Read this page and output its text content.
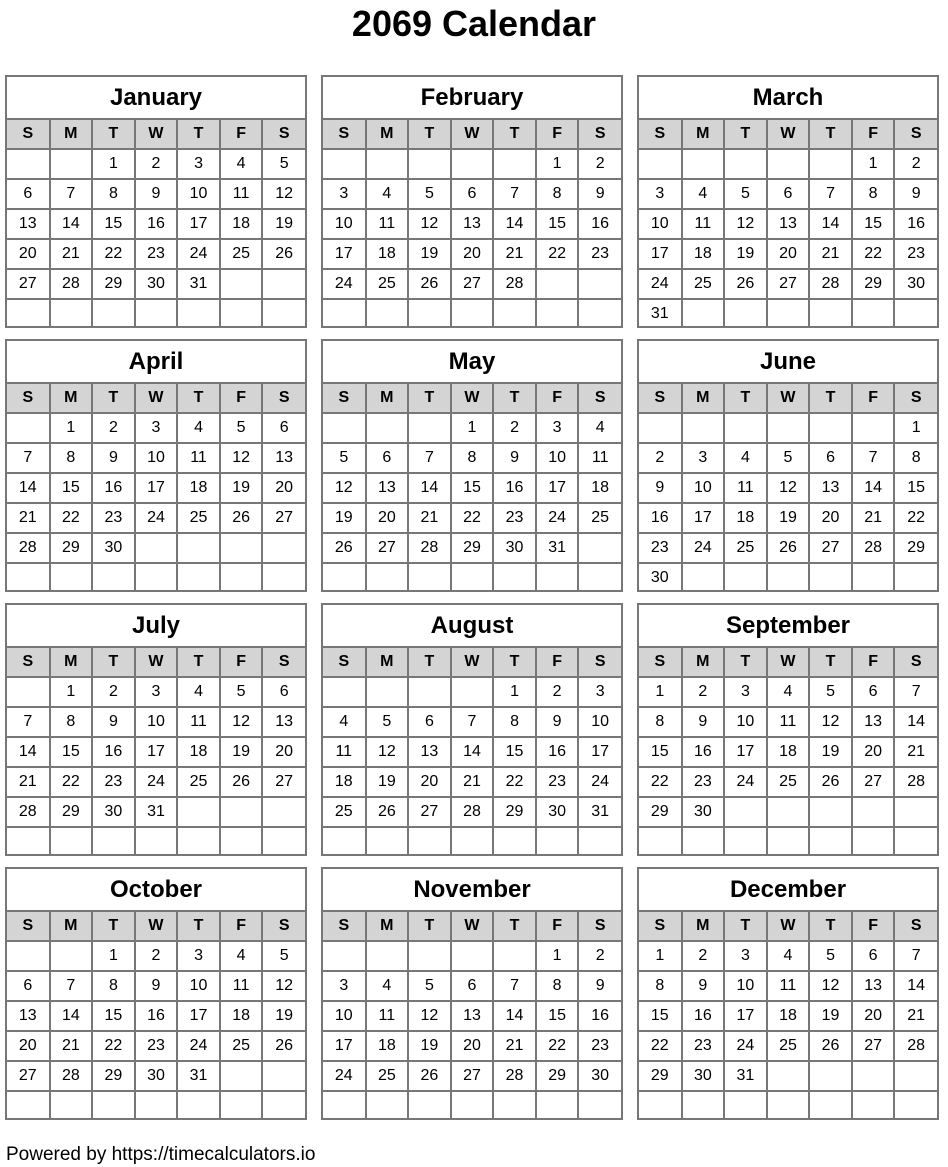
2069 Calendar
January
S	M	T	W	T	F	S
		1	2	3	4	5
6	7	8	9	10	11	12
13	14	15	16	17	18	19
20	21	22	23	24	25	26
27	28	29	30	31		

February
S	M	T	W	T	F	S
					1	2
3	4	5	6	7	8	9
10	11	12	13	14	15	16
17	18	19	20	21	22	23
24	25	26	27	28		

March
S	M	T	W	T	F	S
					1	2
3	4	5	6	7	8	9
10	11	12	13	14	15	16
17	18	19	20	21	22	23
24	25	26	27	28	29	30
31						
April
S	M	T	W	T	F	S
	1	2	3	4	5	6
7	8	9	10	11	12	13
14	15	16	17	18	19	20
21	22	23	24	25	26	27
28	29	30				

May
S	M	T	W	T	F	S
			1	2	3	4
5	6	7	8	9	10	11
12	13	14	15	16	17	18
19	20	21	22	23	24	25
26	27	28	29	30	31	

June
S	M	T	W	T	F	S
						1
2	3	4	5	6	7	8
9	10	11	12	13	14	15
16	17	18	19	20	21	22
23	24	25	26	27	28	29
30						
July
S	M	T	W	T	F	S
	1	2	3	4	5	6
7	8	9	10	11	12	13
14	15	16	17	18	19	20
21	22	23	24	25	26	27
28	29	30	31			

August
S	M	T	W	T	F	S
				1	2	3
4	5	6	7	8	9	10
11	12	13	14	15	16	17
18	19	20	21	22	23	24
25	26	27	28	29	30	31

September
S	M	T	W	T	F	S
1	2	3	4	5	6	7
8	9	10	11	12	13	14
15	16	17	18	19	20	21
22	23	24	25	26	27	28
29	30					

October
S	M	T	W	T	F	S
		1	2	3	4	5
6	7	8	9	10	11	12
13	14	15	16	17	18	19
20	21	22	23	24	25	26
27	28	29	30	31		

November
S	M	T	W	T	F	S
					1	2
3	4	5	6	7	8	9
10	11	12	13	14	15	16
17	18	19	20	21	22	23
24	25	26	27	28	29	30

December
S	M	T	W	T	F	S
1	2	3	4	5	6	7
8	9	10	11	12	13	14
15	16	17	18	19	20	21
22	23	24	25	26	27	28
29	30	31				

Powered by https://timecalculators.io
